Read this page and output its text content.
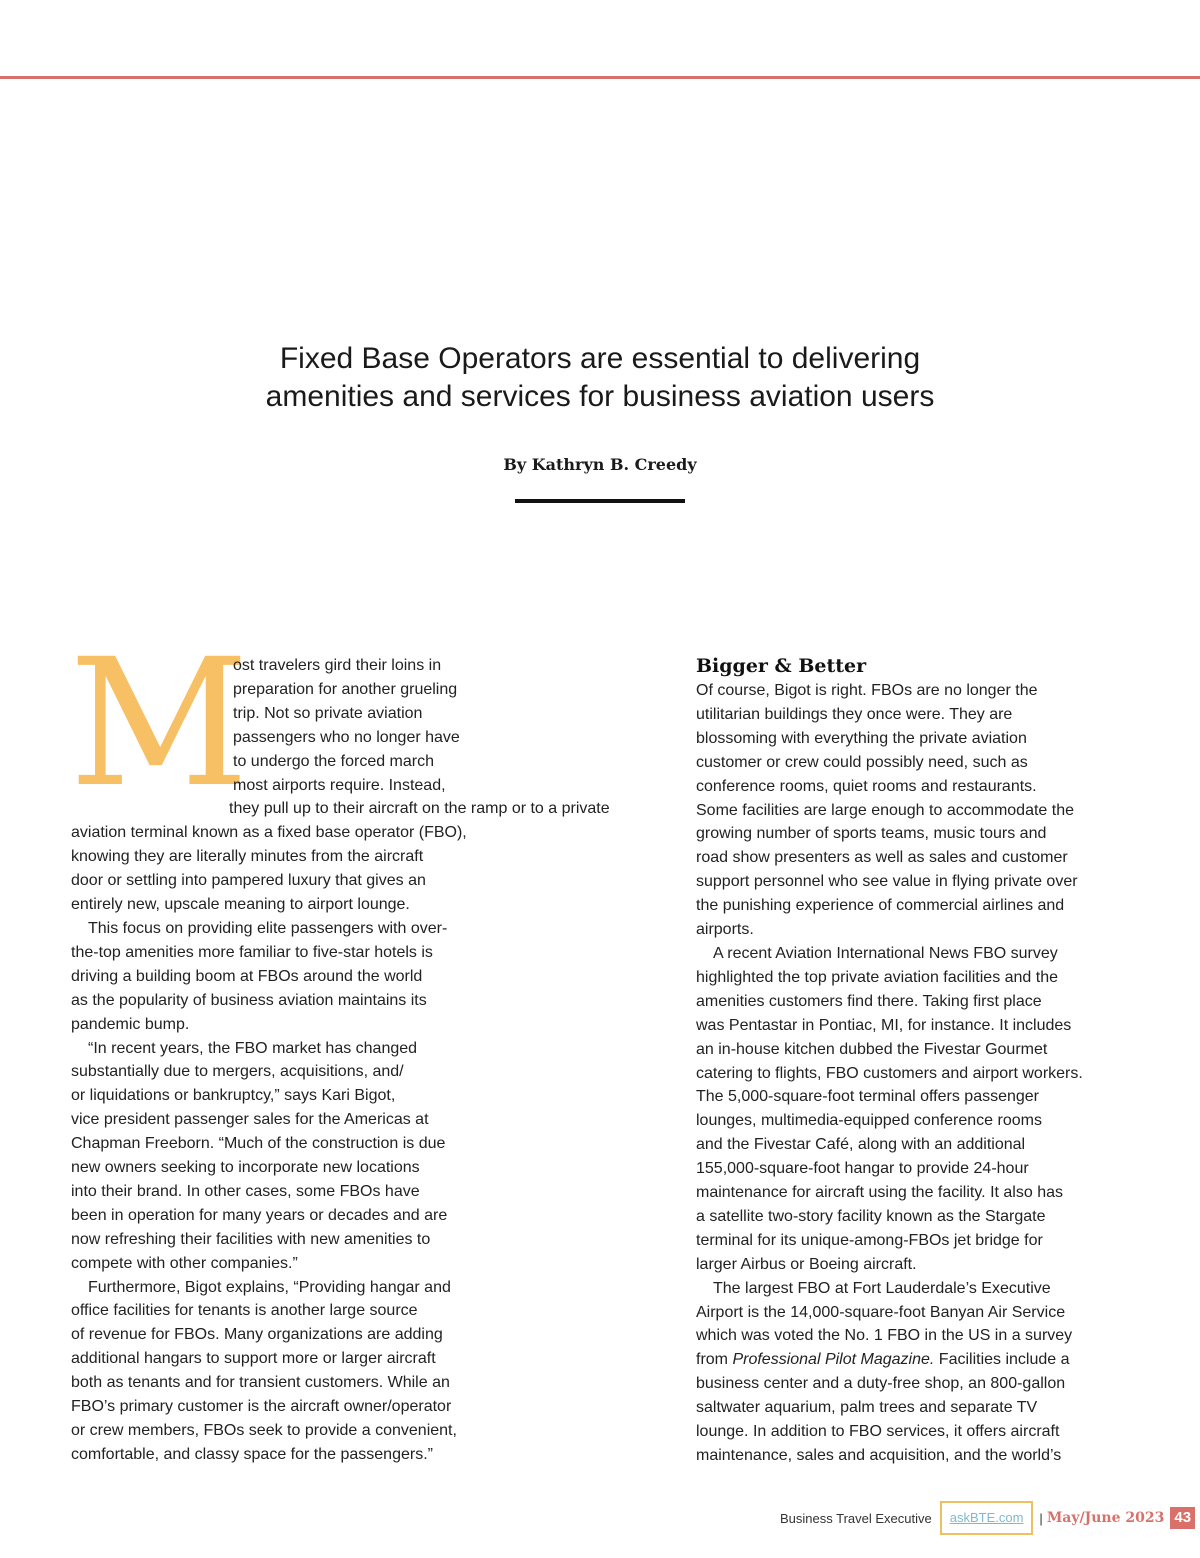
Fixed Base Operators are essential to delivering
amenities and services for business aviation users
By Kathryn B. Creedy
M

ost travelers gird their loins in
preparation for another grueling
trip. Not so private aviation
passengers who no longer have
to undergo the forced march
most airports require. Instead,
they pull up to their aircraft on the ramp or to a private
aviation terminal known as a fixed base operator (FBO),
knowing they are literally minutes from the aircraft
door or settling into pampered luxury that gives an
entirely new, upscale meaning to airport lounge.

This focus on providing elite passengers with over-
the-top amenities more familiar to five-star hotels is
driving a building boom at FBOs around the world
as the popularity of business aviation maintains its
pandemic bump.

“In recent years, the FBO market has changed
substantially due to mergers, acquisitions, and/
or liquidations or bankruptcy,” says Kari Bigot,
vice president passenger sales for the Americas at
Chapman Freeborn. “Much of the construction is due
new owners seeking to incorporate new locations
into their brand. In other cases, some FBOs have
been in operation for many years or decades and are
now refreshing their facilities with new amenities to
compete with other companies.”

Furthermore, Bigot explains, “Providing hangar and
office facilities for tenants is another large source
of revenue for FBOs. Many organizations are adding
additional hangars to support more or larger aircraft
both as tenants and for transient customers. While an
FBO’s primary customer is the aircraft owner/operator
or crew members, FBOs seek to provide a convenient,
comfortable, and classy space for the passengers.”

Bigger & Better

Of course, Bigot is right. FBOs are no longer the
utilitarian buildings they once were. They are
blossoming with everything the private aviation
customer or crew could possibly need, such as
conference rooms, quiet rooms and restaurants.
Some facilities are large enough to accommodate the
growing number of sports teams, music tours and
road show presenters as well as sales and customer
support personnel who see value in flying private over
the punishing experience of commercial airlines and
airports.

A recent Aviation International News FBO survey
highlighted the top private aviation facilities and the
amenities customers find there. Taking first place
was Pentastar in Pontiac, MI, for instance. It includes
an in-house kitchen dubbed the Fivestar Gourmet
catering to flights, FBO customers and airport workers.
The 5,000-square-foot terminal offers passenger
lounges, multimedia-equipped conference rooms
and the Fivestar Café, along with an additional
155,000-square-foot hangar to provide 24-hour
maintenance for aircraft using the facility. It also has
a satellite two-story facility known as the Stargate
terminal for its unique-among-FBOs jet bridge for
larger Airbus or Boeing aircraft.

The largest FBO at Fort Lauderdale’s Executive
Airport is the 14,000-square-foot Banyan Air Service
which was voted the No. 1 FBO in the US in a survey
from Professional Pilot Magazine. Facilities include a
business center and a duty-free shop, an 800-gallon
saltwater aquarium, palm trees and separate TV
lounge. In addition to FBO services, it offers aircraft
maintenance, sales and acquisition, and the world’s

Business Travel Executive	askBTE.com	| May/June 2023 43
